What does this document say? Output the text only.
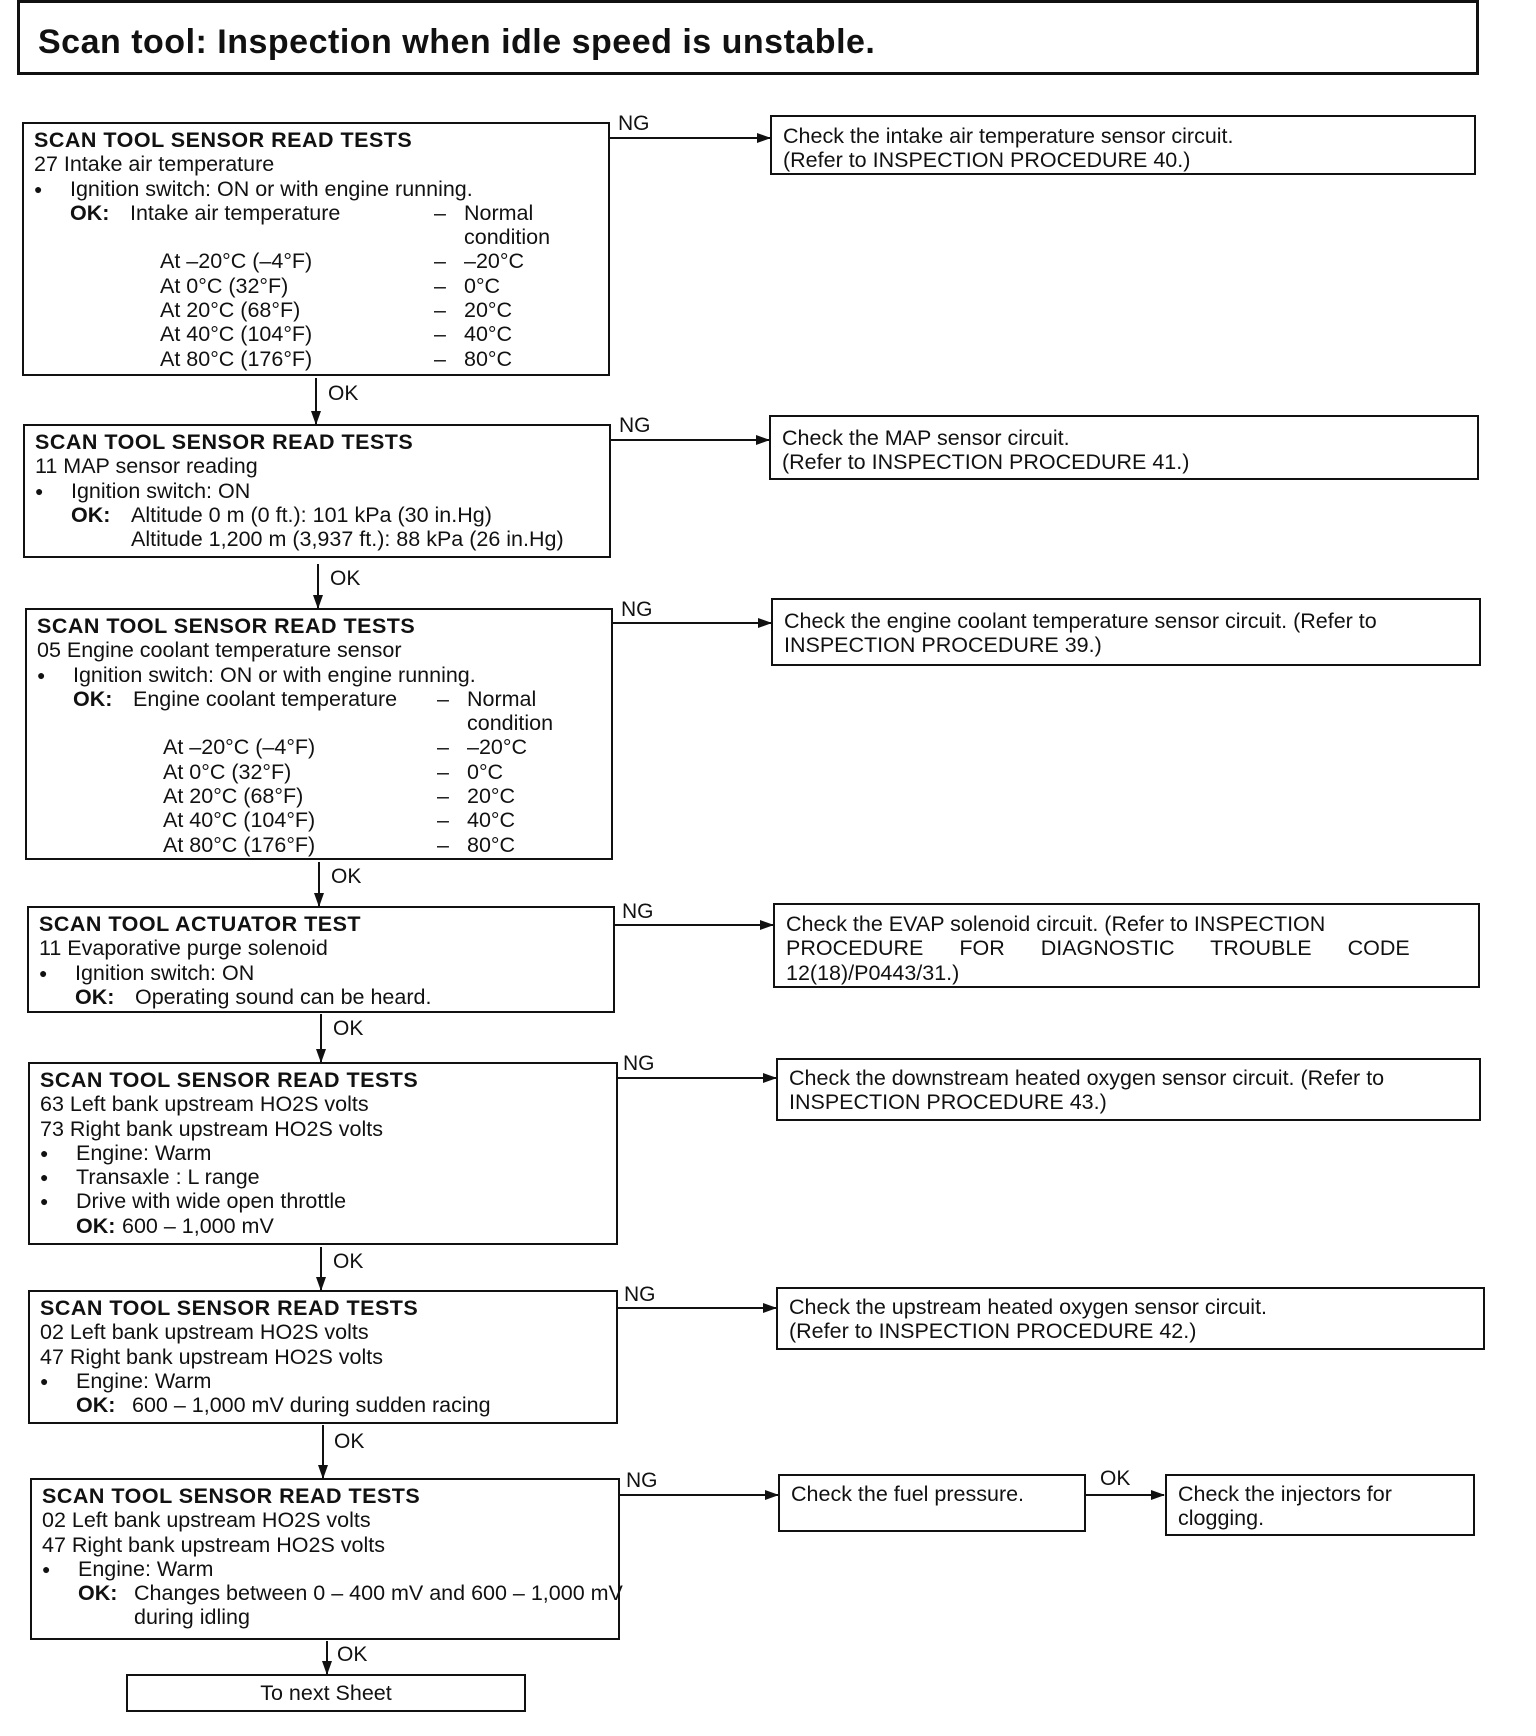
Scan tool: Inspection when idle speed is unstable.
SCAN TOOL SENSOR READ TESTS
27 Intake air temperature
● Ignition switch: ON or with engine running.
OK: Intake air temperature	– Normal
condition
At –20°C (–4°F)	– –20°C
At 0°C (32°F)	– 0°C
At 20°C (68°F)	– 20°C
At 40°C (104°F)	– 40°C
At 80°C (176°F)	– 80°C
NG
Check the intake air temperature sensor circuit.
(Refer to INSPECTION PROCEDURE 40.)
OK
SCAN TOOL SENSOR READ TESTS
11 MAP sensor reading
● Ignition switch: ON
OK: Altitude 0 m (0 ft.): 101 kPa (30 in.Hg)
Altitude 1,200 m (3,937 ft.): 88 kPa (26 in.Hg)
NG
Check the MAP sensor circuit.
(Refer to INSPECTION PROCEDURE 41.)
OK
SCAN TOOL SENSOR READ TESTS
05 Engine coolant temperature sensor
● Ignition switch: ON or with engine running.
OK: Engine coolant temperature – Normal
condition
At –20°C (–4°F)	– –20°C
At 0°C (32°F)	– 0°C
At 20°C (68°F)	– 20°C
At 40°C (104°F)	– 40°C
At 80°C (176°F)	– 80°C
NG	Check the engine coolant temperature sensor circuit. (Refer to
INSPECTION PROCEDURE 39.)
OK
SCAN TOOL ACTUATOR TEST
11 Evaporative purge solenoid
● Ignition switch: ON
OK: Operating sound can be heard.
NG
Check the EVAP solenoid circuit. (Refer to INSPECTION
PROCEDURE FOR DIAGNOSTIC TROUBLE CODE
12(18)/P0443/31.)
OK
SCAN TOOL SENSOR READ TESTS
63 Left bank upstream HO2S volts
73 Right bank upstream HO2S volts
● Engine: Warm
● Transaxle : L range
● Drive with wide open throttle
OK: 600 – 1,000 mV
NG
Check the downstream heated oxygen sensor circuit. (Refer to
INSPECTION PROCEDURE 43.)
OK
SCAN TOOL SENSOR READ TESTS
02 Left bank upstream HO2S volts
47 Right bank upstream HO2S volts
● Engine: Warm
OK: 600 – 1,000 mV during sudden racing
NG
Check the upstream heated oxygen sensor circuit.
(Refer to INSPECTION PROCEDURE 42.)
OK
SCAN TOOL SENSOR READ TESTS
02 Left bank upstream HO2S volts
47 Right bank upstream HO2S volts
● Engine: Warm
OK: Changes between 0 – 400 mV and 600 – 1,000 mV
during idling
NG
Check the fuel pressure.
OK
Check the injectors for
clogging.
OK
To next Sheet
